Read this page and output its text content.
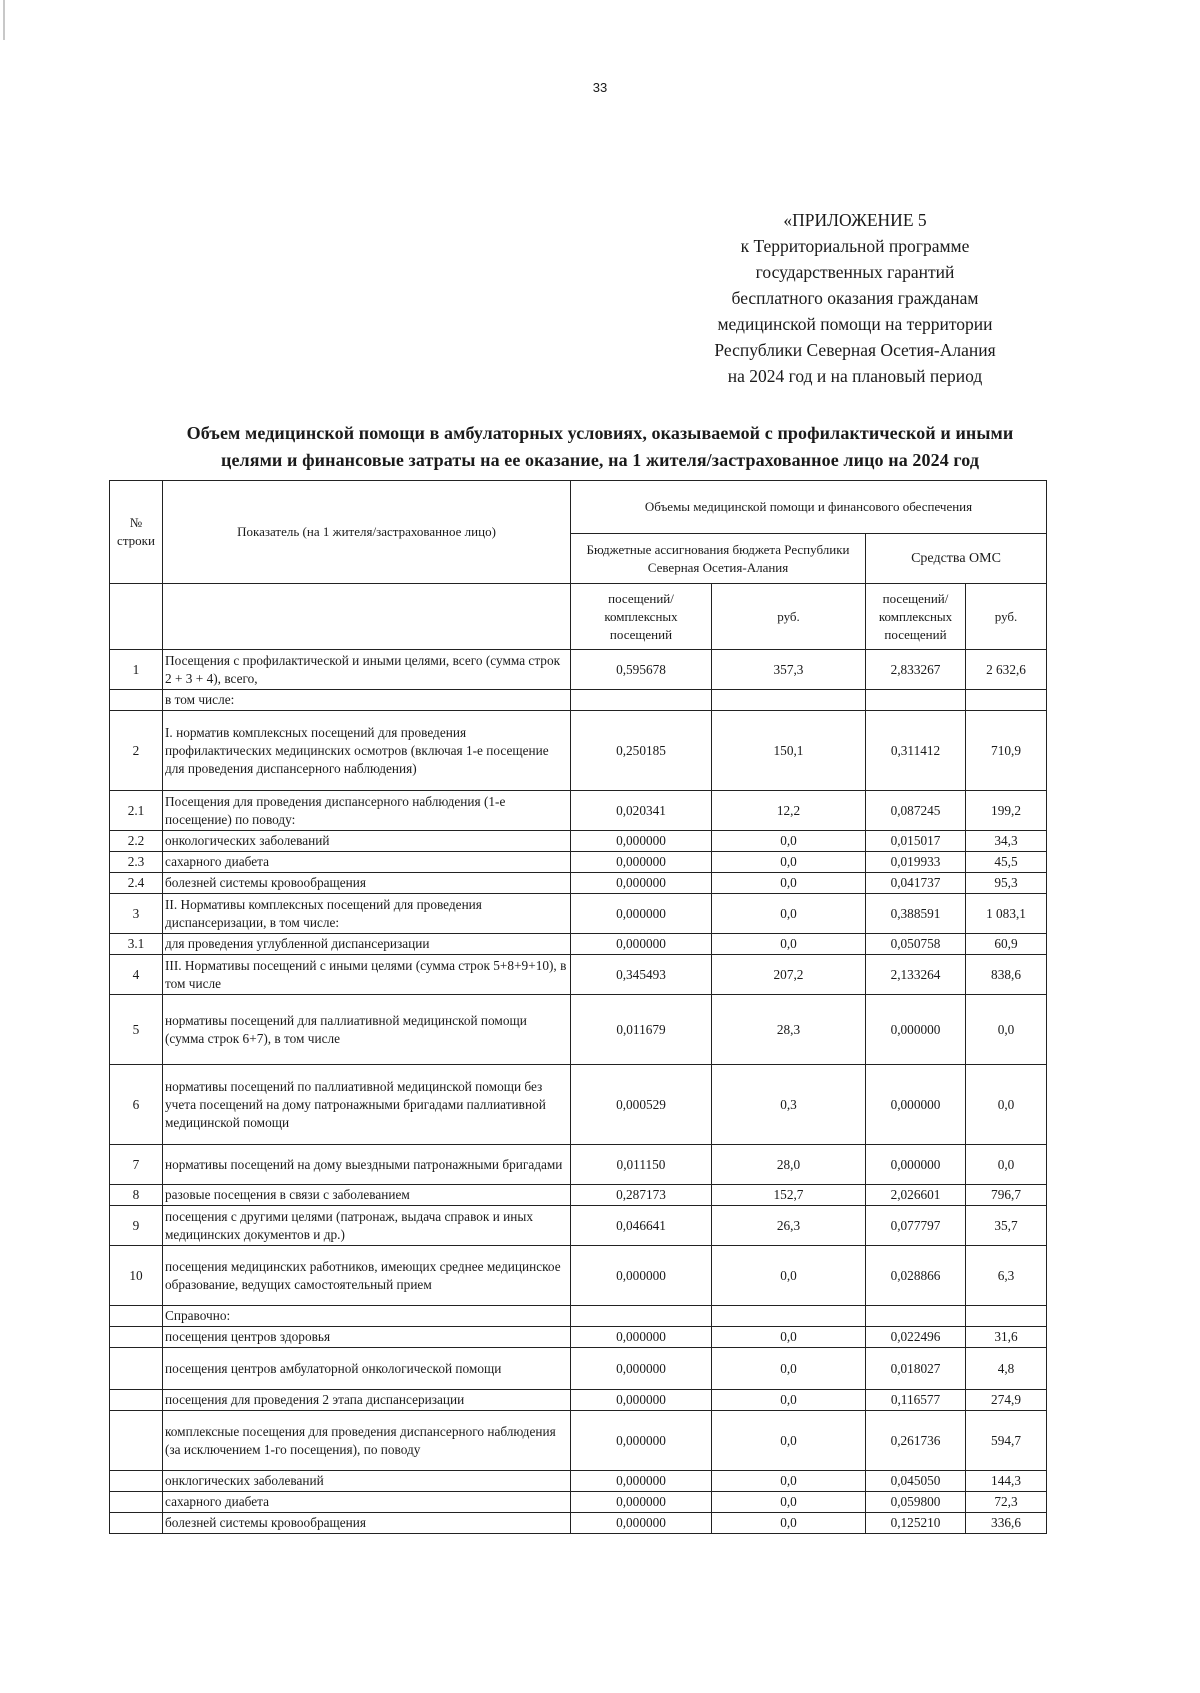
33
«ПРИЛОЖЕНИЕ 5
к Территориальной программе
государственных гарантий
бесплатного оказания гражданам
медицинской помощи на территории
Республики Северная Осетия-Алания
на 2024 год и на плановый период
Объем медицинской помощи в амбулаторных условиях, оказываемой с профилактической и иными
целями и финансовые затраты на ее оказание, на 1 жителя/застрахованное лицо на 2024 год
№ строки	Показатель (на 1 жителя/застрахованное лицо)	Объемы медицинской помощи и финансового обеспечения			
		Бюджетные ассигнования бюджета Республики Северная Осетия-Алания		Средства ОМС	
		посещений/комплексных посещений	руб.	посещений/комплексных посещений	руб.
1	Посещения с профилактической и иными целями, всего (сумма строк 2 + 3 + 4), всего,	0,595678	357,3	2,833267	2 632,6
	в том числе:				
2	I. норматив комплексных посещений для проведения профилактических медицинских осмотров (включая 1-е посещение для проведения диспансерного наблюдения)	0,250185	150,1	0,311412	710,9
2.1	Посещения для проведения диспансерного наблюдения (1-е посещение) по поводу:	0,020341	12,2	0,087245	199,2
2.2	онкологических заболеваний	0,000000	0,0	0,015017	34,3
2.3	сахарного диабета	0,000000	0,0	0,019933	45,5
2.4	болезней системы кровообращения	0,000000	0,0	0,041737	95,3
3	II. Нормативы комплексных посещений для проведения диспансеризации, в том числе:	0,000000	0,0	0,388591	1 083,1
3.1	для проведения углубленной диспансеризации	0,000000	0,0	0,050758	60,9
4	III. Нормативы посещений с иными целями (сумма строк 5+8+9+10), в том числе	0,345493	207,2	2,133264	838,6
5	нормативы посещений для паллиативной медицинской помощи (сумма строк 6+7), в том числе	0,011679	28,3	0,000000	0,0
6	нормативы посещений по паллиативной медицинской помощи без учета посещений на дому патронажными бригадами паллиативной медицинской помощи	0,000529	0,3	0,000000	0,0
7	нормативы посещений на дому выездными патронажными бригадами	0,011150	28,0	0,000000	0,0
8	разовые посещения в связи с заболеванием	0,287173	152,7	2,026601	796,7
9	посещения с другими целями (патронаж, выдача справок и иных медицинских документов и др.)	0,046641	26,3	0,077797	35,7
10	посещения медицинских работников, имеющих среднее медицинское образование, ведущих самостоятельный прием	0,000000	0,0	0,028866	6,3
	Справочно:				
	посещения центров здоровья	0,000000	0,0	0,022496	31,6
	посещения центров амбулаторной онкологической помощи	0,000000	0,0	0,018027	4,8
	посещения для проведения 2 этапа диспансеризации	0,000000	0,0	0,116577	274,9
	комплексные посещения для проведения диспансерного наблюдения (за исключением 1-го посещения), по поводу	0,000000	0,0	0,261736	594,7
	онклогических заболеваний	0,000000	0,0	0,045050	144,3
	сахарного диабета	0,000000	0,0	0,059800	72,3
	болезней системы кровообращения	0,000000	0,0	0,125210	336,6
